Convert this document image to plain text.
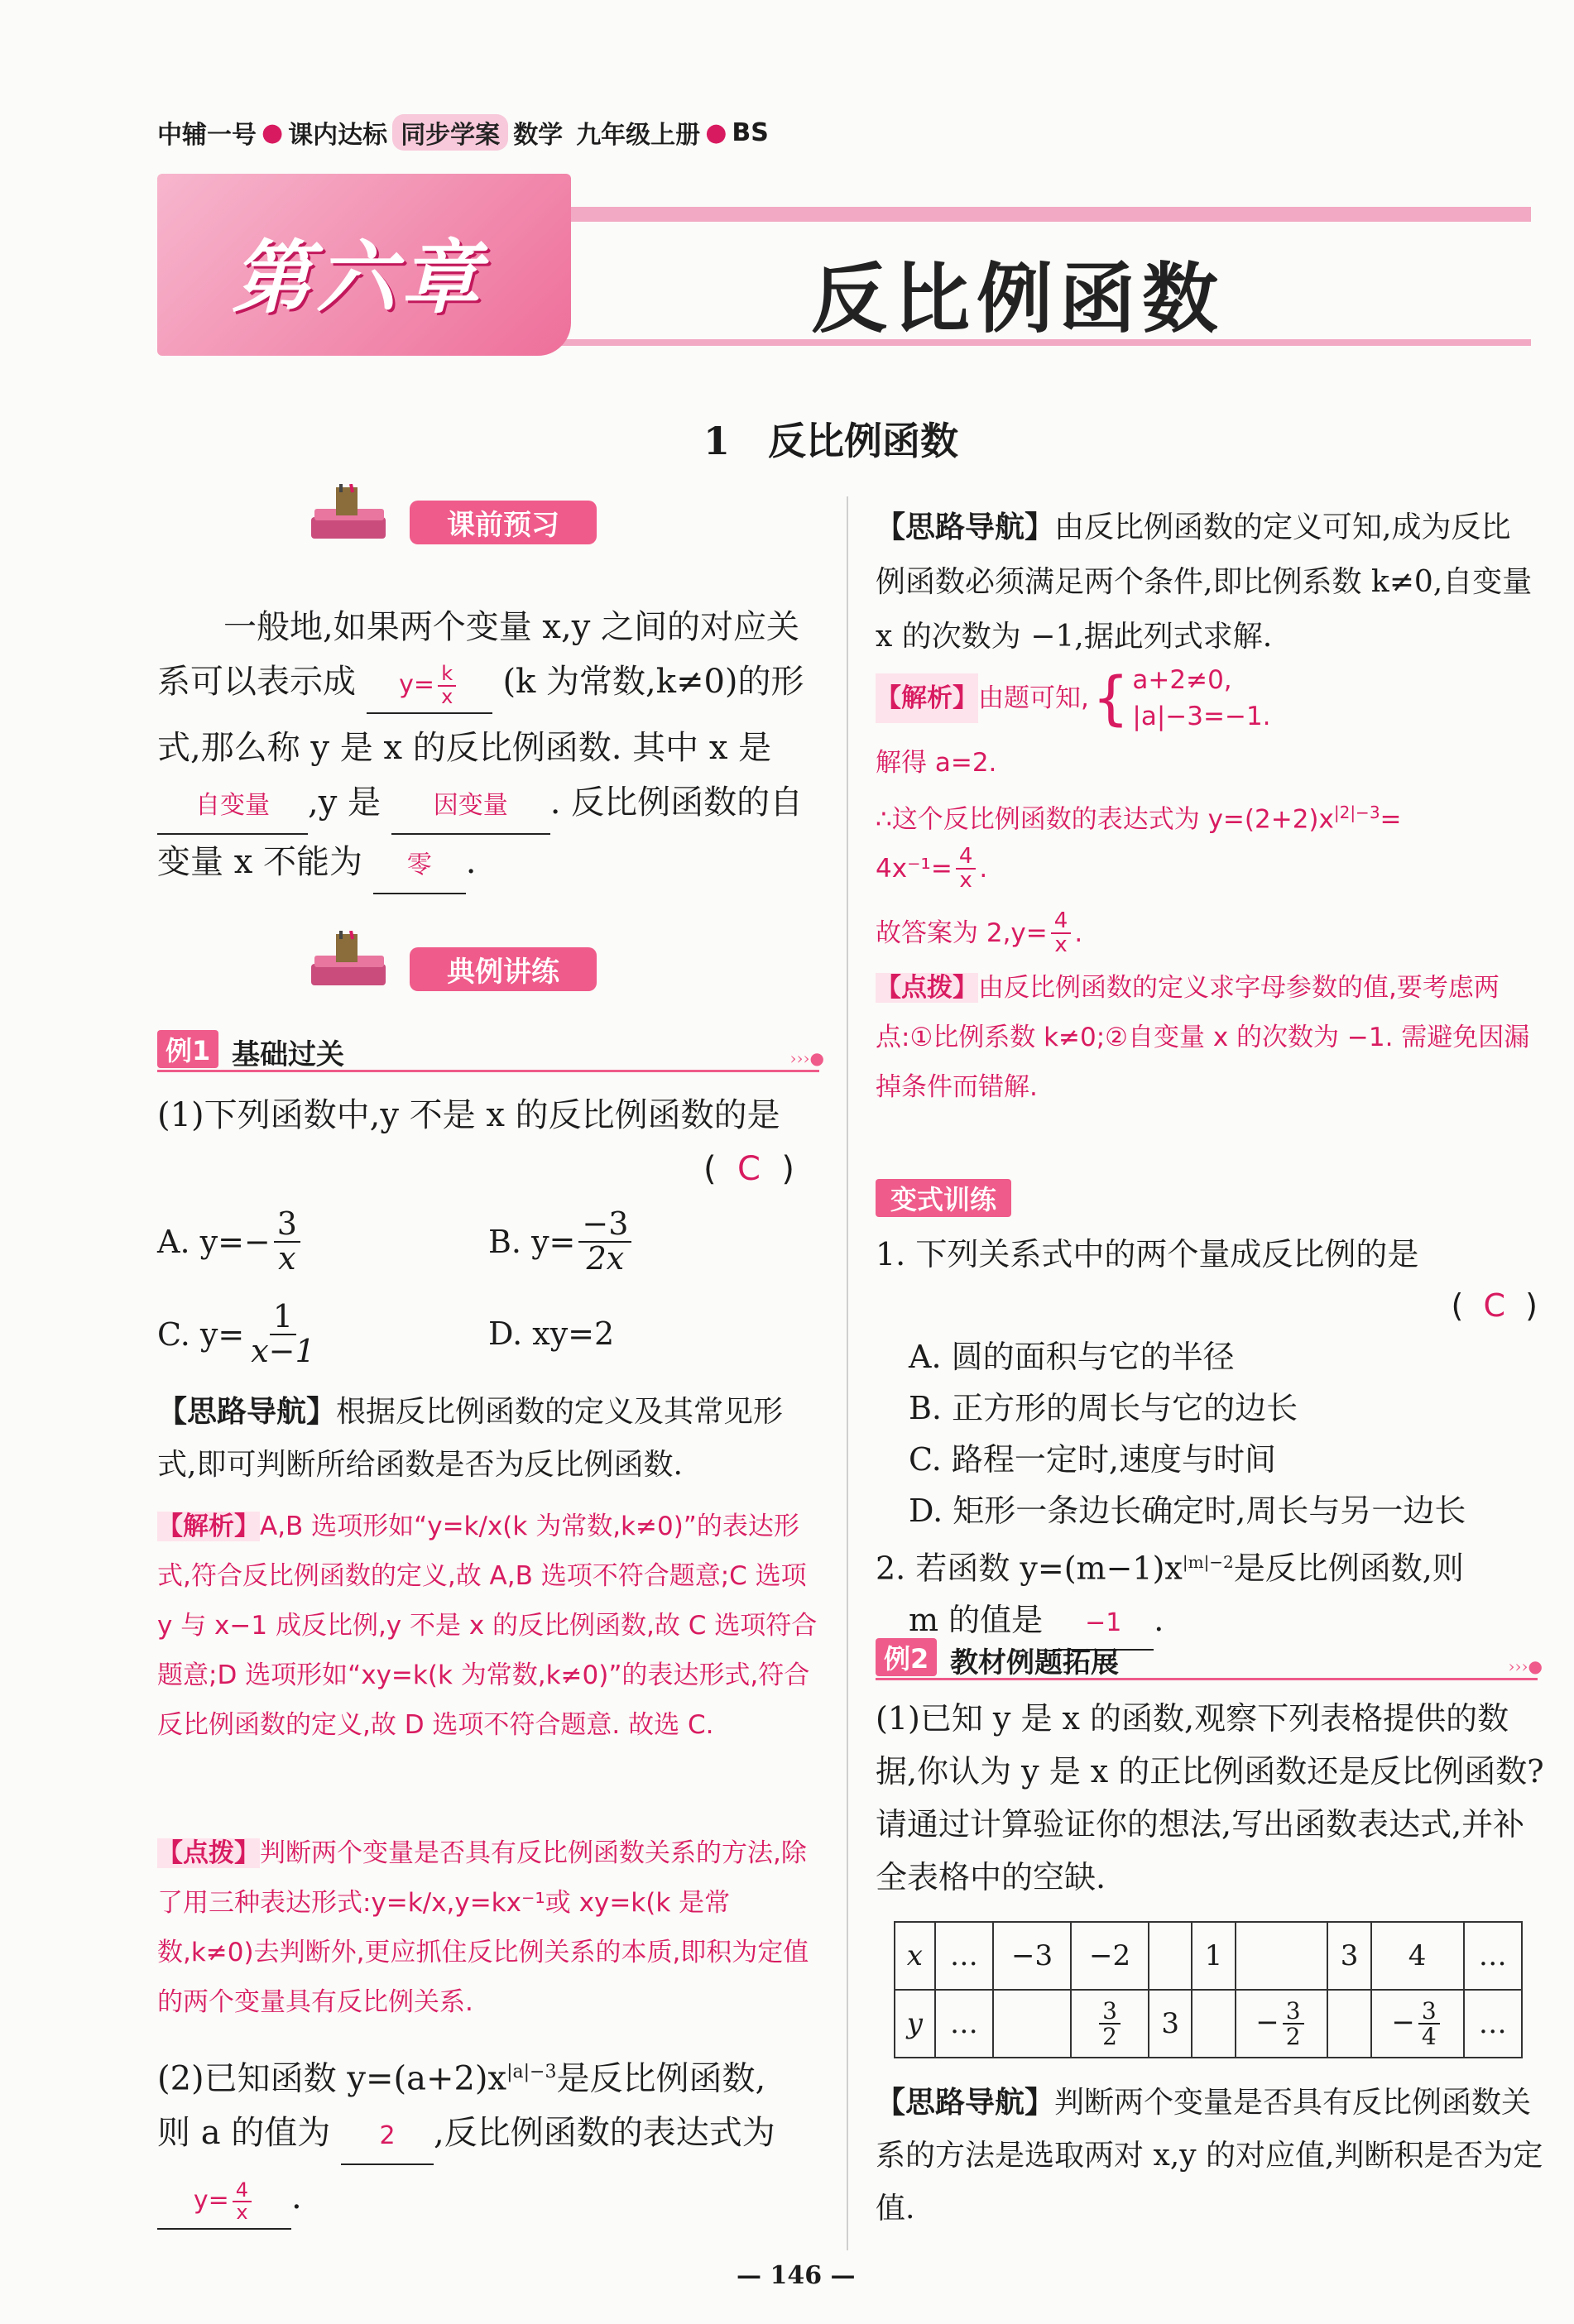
中辅一号 ● 课内达标 同步学案 数学 九年级上册 ● BS
第六章	反比例函数
1 反比例函数
课前预习
一般地,如果两个变量 x,y 之间的对应关
系可以表示成 $y= \frac{k}{x} (k$ 为常数,k≠0)的形
式,那么称 y 是 x 的反比例函数. 其中 x 是
自变量 ,y 是 因变量 . 反比例函数的自
变量 x 不能为 零 .
典例讲练
例1 基础过关	›››●
(1)下列函数中,y 不是 x 的反比例函数的是
(  C  )
A. $y=- \frac{3}{x}$	B. $y= \frac{-3}{2x}$
C. $y= \frac{1}{x-1}$	D. xy=2
【思路导航】根据反比例函数的定义及其常见形式,即可判断所给函数是否为反比例函数.
【解析】A,B 选项形如“y=k/x(k 为常数,k≠0)”的表达形式,符合反比例函数的定义,故 A,B 选项不符合题意;C 选项 y 与 x−1 成反比例,y 不是 x 的反比例函数,故 C 选项符合题意;D 选项形如“xy=k(k 为常数,k≠0)”的表达形式,符合反比例函数的定义,故 D 选项不符合题意. 故选 C.
【点拨】判断两个变量是否具有反比例函数关系的方法,除了用三种表达形式:y=k/x,y=kx⁻¹或 xy=k(k 是常数,k≠0)去判断外,更应抓住反比例关系的本质,即积为定值的两个变量具有反比例关系.
(2)已知函数 $y=(a+2)x^{|a|-3}$是反比例函数,
则 a 的值为 2 ,反比例函数的表达式为
$y= \frac{4}{x}$ .
【思路导航】由反比例函数的定义可知,成为反比例函数必须满足两个条件,即比例系数 k≠0,自变量 x 的次数为 −1,据此列式求解.
【解析】 由题可知, { a+2≠0,
|a|−3=−1.
解得 a=2.
∴这个反比例函数的表达式为 $y=(2+2)x^{|2|-3}=$
$4x^{-1}= \frac{4}{x}$ .
故答案为 $2,y= \frac{4}{x}$ .
【点拨】由反比例函数的定义求字母参数的值,要考虑两点:①比例系数 k≠0;②自变量 x 的次数为 −1. 需避免因漏掉条件而错解.
变式训练
1. 下列关系式中的两个量成反比例的是
(  C  )
A. 圆的面积与它的半径
B. 正方形的周长与它的边长
C. 路程一定时,速度与时间
D. 矩形一条边长确定时,周长与另一边长
2. 若函数 $y=(m-1)x^{|m|-2}$是反比例函数,则
m 的值是 −1 .
例2 教材例题拓展	›››●
(1)已知 y 是 x 的函数,观察下列表格提供的数据,你认为 y 是 x 的正比例函数还是反比例函数? 请通过计算验证你的想法,写出函数表达式,并补全表格中的空缺.
x	…	−3	−2		1		3	4	…
y	…		$\frac{3}{2}$	3		− $\frac{3}{2}$		− $\frac{3}{4}$	…
【思路导航】判断两个变量是否具有反比例函数关系的方法是选取两对 x,y 的对应值,判断积是否为定值.
— 146 —
